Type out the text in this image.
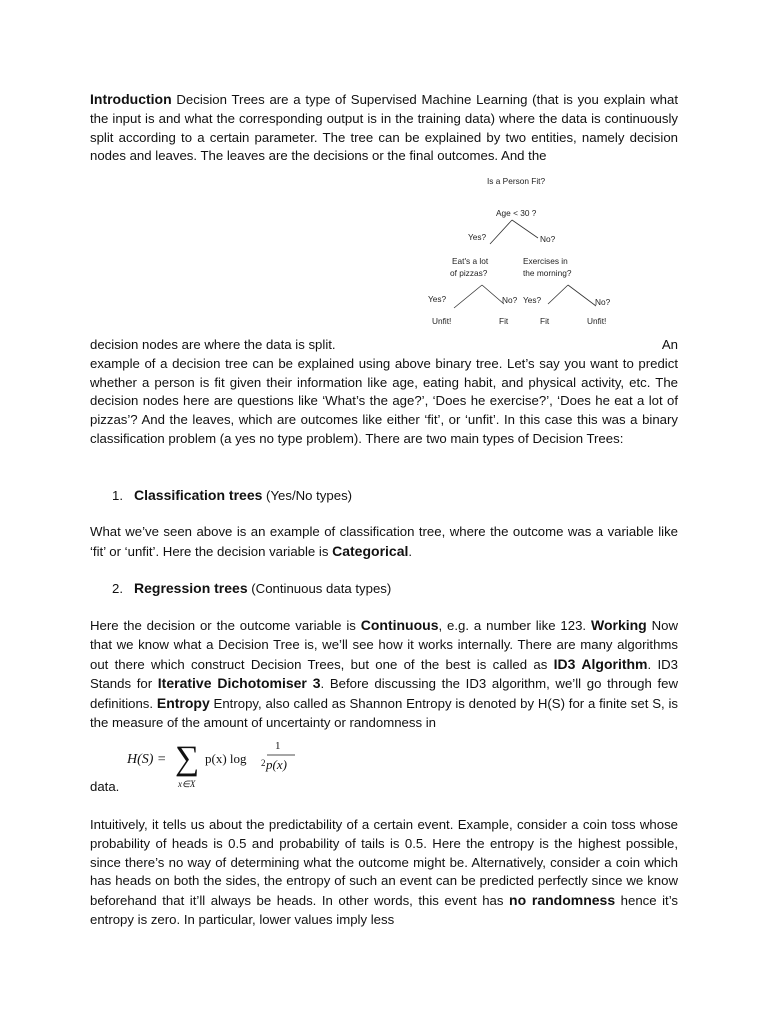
Introduction Decision Trees are a type of Supervised Machine Learning (that is you explain what the input is and what the corresponding output is in the training data) where the data is continuously split according to a certain parameter. The tree can be explained by two entities, namely decision nodes and leaves. The leaves are the decisions or the final outcomes. And the

Is a Person Fit?
Age < 30 ?
Yes?	No?
Eat's a lot
of pizzas?
Exercises in
the morning?
Yes?	No? Yes?	No?
Unfit!	Fit	Fit	Unfit!

decision nodes are where the data is split.	An

example of a decision tree can be explained using above binary tree. Let’s say you want to predict whether a person is fit given their information like age, eating habit, and physical activity, etc. The decision nodes here are questions like ‘What’s the age?’, ‘Does he exercise?’, ‘Does he eat a lot of pizzas’? And the leaves, which are outcomes like either ‘fit’, or ‘unfit’. In this case this was a binary classification problem (a yes no type problem). There are two main types of Decision Trees:

1. Classification trees (Yes/No types)

What we’ve seen above is an example of classification tree, where the outcome was a variable like ‘fit’ or ‘unfit’. Here the decision variable is Categorical.

2. Regression trees (Continuous data types)

Here the decision or the outcome variable is Continuous, e.g. a number like 123. Working Now that we know what a Decision Tree is, we’ll see how it works internally. There are many algorithms out there which construct Decision Trees, but one of the best is called as ID3 Algorithm. ID3 Stands for Iterative Dichotomiser 3. Before discussing the ID3 algorithm, we’ll go through few definitions. Entropy Entropy, also called as Shannon Entropy is denoted by H(S) for a finite set S, is the measure of the amount of uncertainty or randomness in

H(S) = ∑
x∈X
p(x) log 2
1
p(x)

data.

Intuitively, it tells us about the predictability of a certain event. Example, consider a coin toss whose probability of heads is 0.5 and probability of tails is 0.5. Here the entropy is the highest possible, since there’s no way of determining what the outcome might be. Alternatively, consider a coin which has heads on both the sides, the entropy of such an event can be predicted perfectly since we know beforehand that it’ll always be heads. In other words, this event has no randomness hence it’s entropy is zero. In particular, lower values imply less
